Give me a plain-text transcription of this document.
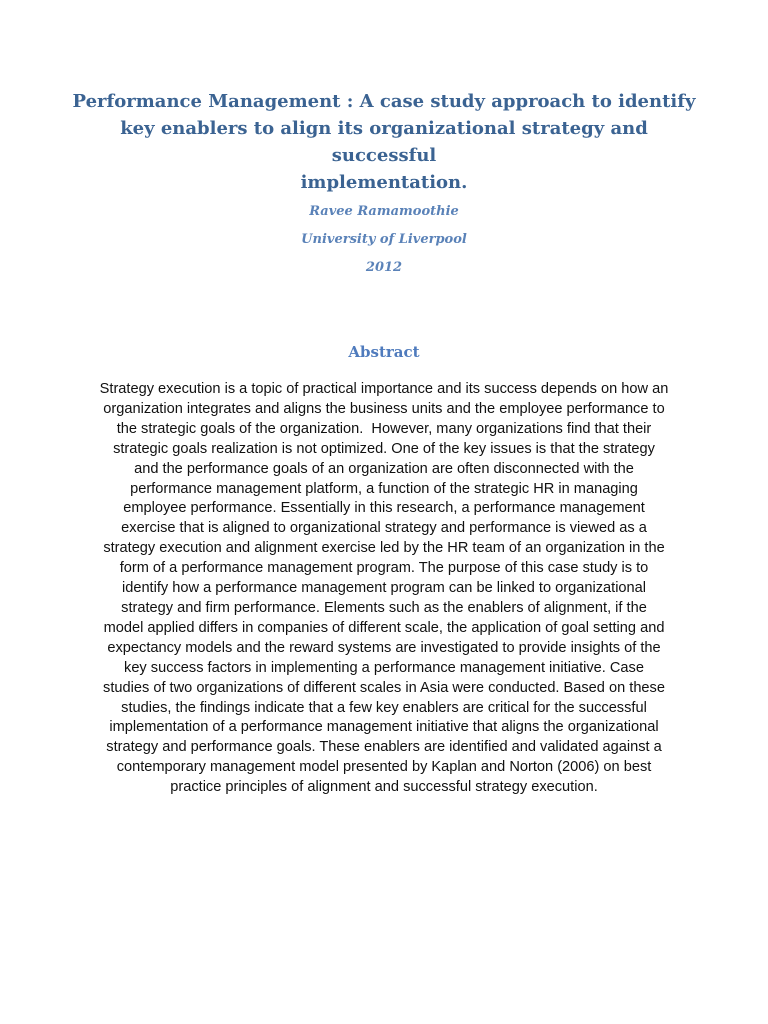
Performance Management : A case study approach to identify
key enablers to align its organizational strategy and successful
implementation.

Ravee Ramamoothie

University of Liverpool

2012

Abstract
Strategy execution is a topic of practical importance and its success depends on how an
organization integrates and aligns the business units and the employee performance to
the strategic goals of the organization.  However, many organizations find that their
strategic goals realization is not optimized. One of the key issues is that the strategy
and the performance goals of an organization are often disconnected with the
performance management platform, a function of the strategic HR in managing
employee performance. Essentially in this research, a performance management
exercise that is aligned to organizational strategy and performance is viewed as a
strategy execution and alignment exercise led by the HR team of an organization in the
form of a performance management program. The purpose of this case study is to
identify how a performance management program can be linked to organizational
strategy and firm performance. Elements such as the enablers of alignment, if the
model applied differs in companies of different scale, the application of goal setting and
expectancy models and the reward systems are investigated to provide insights of the
key success factors in implementing a performance management initiative. Case
studies of two organizations of different scales in Asia were conducted. Based on these
studies, the findings indicate that a few key enablers are critical for the successful
implementation of a performance management initiative that aligns the organizational
strategy and performance goals. These enablers are identified and validated against a
contemporary management model presented by Kaplan and Norton (2006) on best
practice principles of alignment and successful strategy execution.
